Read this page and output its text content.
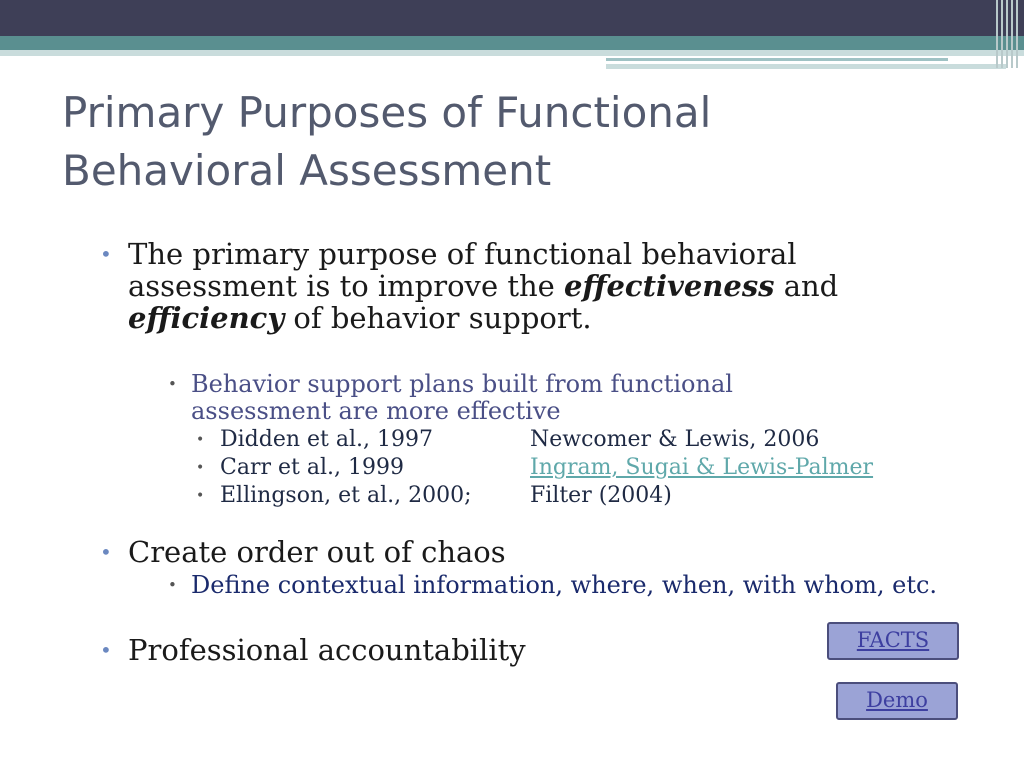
Primary Purposes of Functional Behavioral Assessment
• The primary purpose of functional behavioral assessment is to improve the effectiveness and efficiency of behavior support.
• Behavior support plans built from functional assessment are more effective
• Didden et al., 1997	Newcomer & Lewis, 2006
• Carr et al., 1999	Ingram, Sugai & Lewis-Palmer
• Ellingson, et al., 2000;	Filter (2004)
• Create order out of chaos
• Define contextual information, where, when, with whom, etc.
• Professional accountability	FACTS
Demo
